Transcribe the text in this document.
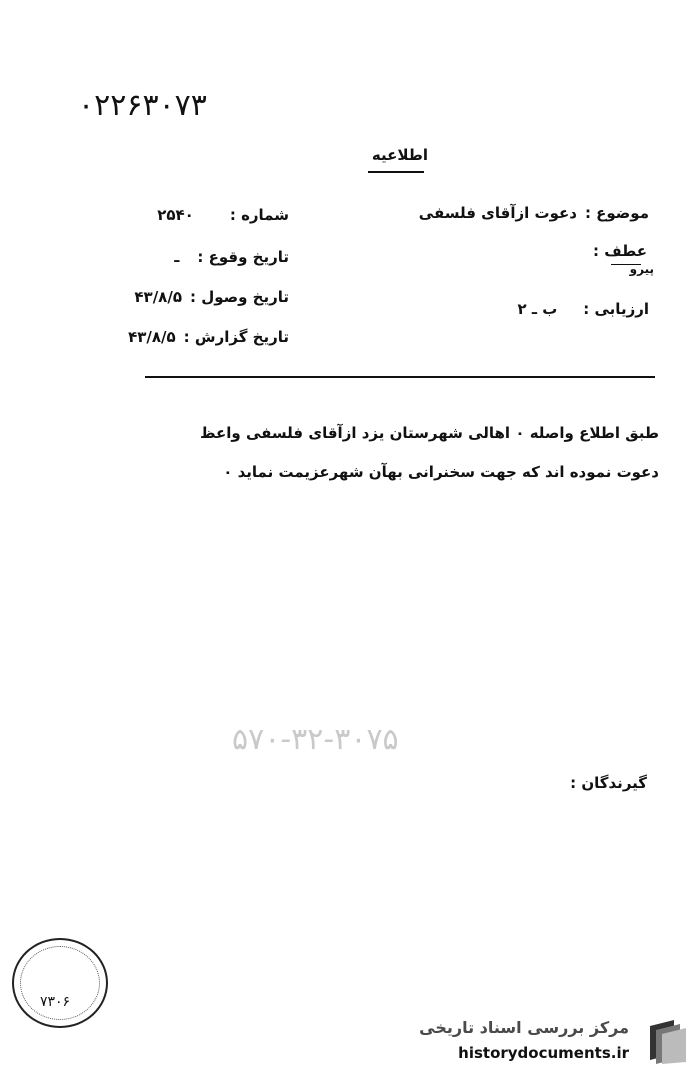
۰۲۲۶۳۰۷۳
اطلاعیه
موضوع :
دعوت ازآقای فلسفی
عطف :
پیرو
ارزیابی :
ب ـ ۲
شماره :
۲۵۴۰
تاریخ وقوع :
ـ
تاریخ وصول :
۴۳/۸/۵
تاریخ گزارش :
۴۳/۸/۵
طبق اطلاع واصله ۰ اهالی شهرستان یزد ازآقای فلسفی واعظ
دعوت نموده اند که جهت سخنرانی بهآن شهرعزیمت نماید ۰
۵۷۰-۳۲-۳۰۷۵
گیرندگان :
۷۳۰۶
مرکز بررسی اسناد تاریخی
historydocuments.ir
